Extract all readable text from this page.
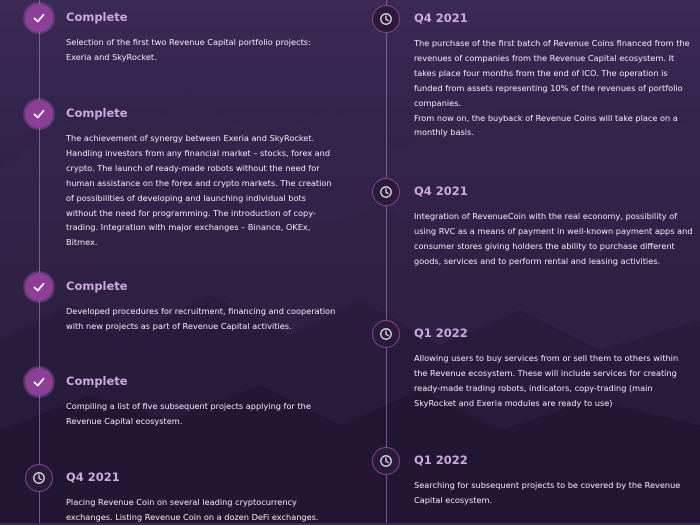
Complete

Selection of the first two Revenue Capital portfolio projects: Exeria and SkyRocket.

Complete

The achievement of synergy between Exeria and SkyRocket. Handling investors from any financial market – stocks, forex and crypto. The launch of ready-made robots without the need for human assistance on the forex and crypto markets. The creation of possibilities of developing and launching individual bots without the need for programming. The introduction of copy-trading. Integration with major exchanges – Binance, OKEx, Bitmex.

Complete

Developed procedures for recruitment, financing and cooperation with new projects as part of Revenue Capital activities.

Complete

Compiling a list of five subsequent projects applying for the Revenue Capital ecosystem.

Q4 2021

Placing Revenue Coin on several leading cryptocurrency exchanges. Listing Revenue Coin on a dozen DeFi exchanges.

Q4 2021

The purchase of the first batch of Revenue Coins financed from the revenues of companies from the Revenue Capital ecosystem. It takes place four months from the end of ICO. The operation is funded from assets representing 10% of the revenues of portfolio companies.

From now on, the buyback of Revenue Coins will take place on a monthly basis.

Q4 2021

Integration of RevenueCoin with the real economy, possibility of using RVC as a means of payment in well-known payment apps and consumer stores giving holders the ability to purchase different goods, services and to perform rental and leasing activities.

Q1 2022

Allowing users to buy services from or sell them to others within the Revenue ecosystem. These will include services for creating ready-made trading robots, indicators, copy-trading (main SkyRocket and Exeria modules are ready to use)

Q1 2022

Searching for subsequent projects to be covered by the Revenue Capital ecosystem.
